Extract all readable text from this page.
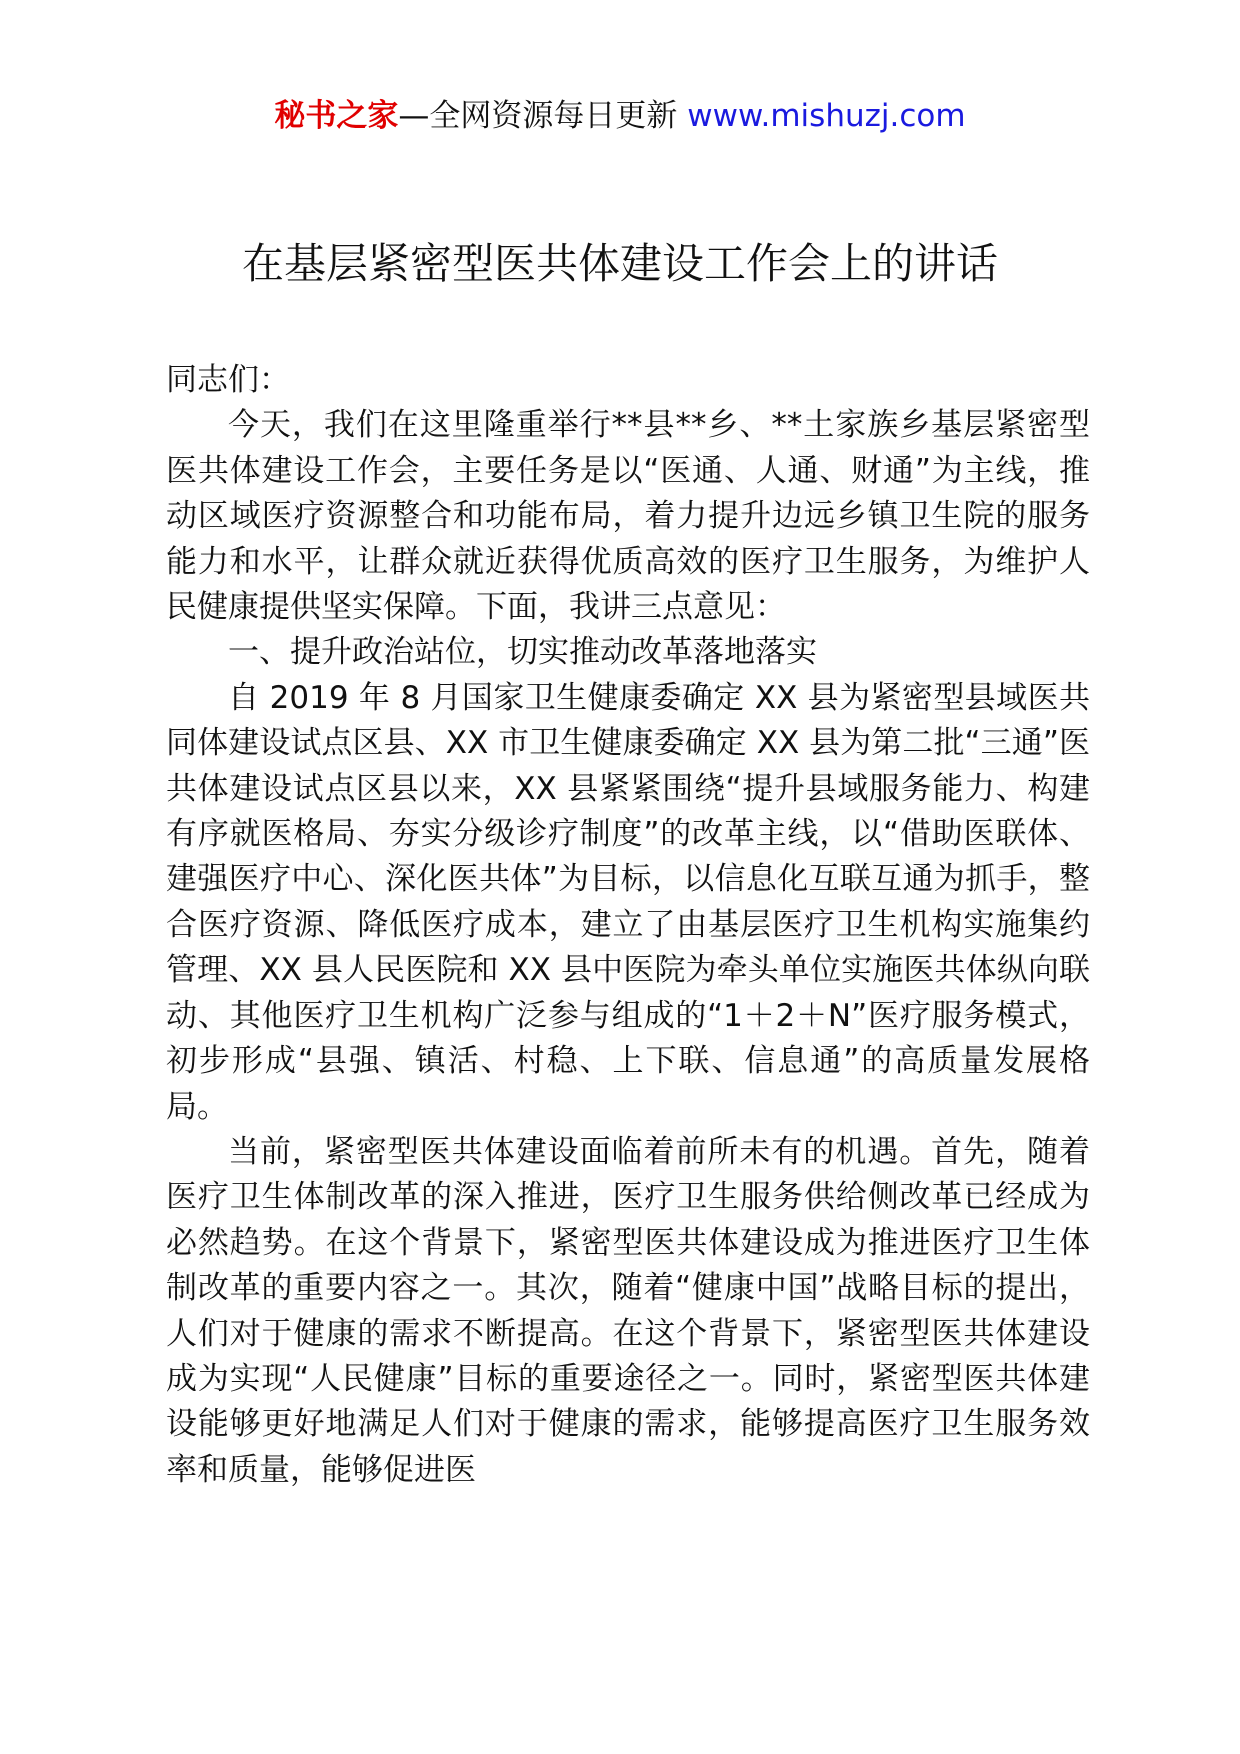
秘书之家—全网资源每日更新 www.mishuzj.com
在基层紧密型医共体建设工作会上的讲话

同志们：

今天，我们在这里隆重举行**县**乡、**土家族乡基层紧密型医共体建设工作会，主要任务是以“医通、人通、财通”为主线，推动区域医疗资源整合和功能布局，着力提升边远乡镇卫生院的服务能力和水平，让群众就近获得优质高效的医疗卫生服务，为维护人民健康提供坚实保障。下面，我讲三点意见：

一、提升政治站位，切实推动改革落地落实

自 2019 年 8 月国家卫生健康委确定 XX 县为紧密型县域医共同体建设试点区县、XX 市卫生健康委确定 XX 县为第二批“三通”医共体建设试点区县以来，XX 县紧紧围绕“提升县域服务能力、构建有序就医格局、夯实分级诊疗制度”的改革主线，以“借助医联体、建强医疗中心、深化医共体”为目标，以信息化互联互通为抓手，整合医疗资源、降低医疗成本，建立了由基层医疗卫生机构实施集约管理、XX 县人民医院和 XX 县中医院为牵头单位实施医共体纵向联动、其他医疗卫生机构广泛参与组成的“1＋2＋N”医疗服务模式，初步形成“县强、镇活、村稳、上下联、信息通”的高质量发展格局。

当前，紧密型医共体建设面临着前所未有的机遇。首先，随着医疗卫生体制改革的深入推进，医疗卫生服务供给侧改革已经成为必然趋势。在这个背景下，紧密型医共体建设成为推进医疗卫生体制改革的重要内容之一。其次，随着“健康中国”战略目标的提出，人们对于健康的需求不断提高。在这个背景下，紧密型医共体建设成为实现“人民健康”目标的重要途径之一。同时，紧密型医共体建设能够更好地满足人们对于健康的需求，能够提高医疗卫生服务效率和质量，能够促进医
